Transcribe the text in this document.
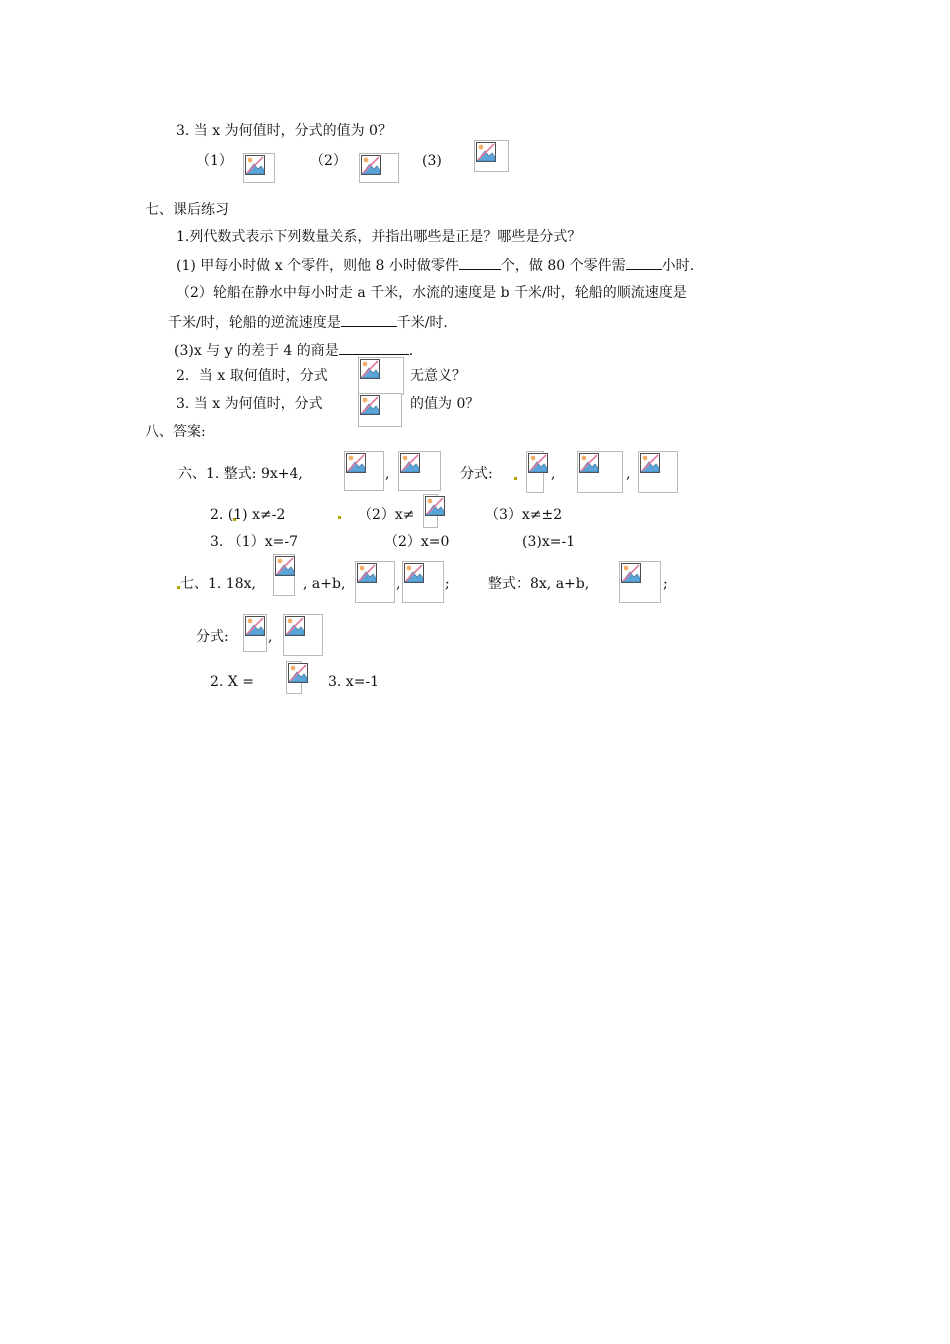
3. 当 x 为何值时，分式的值为 0？
（1）	（2）	(3)
七、课后练习
1.列代数式表示下列数量关系，并指出哪些是正是？哪些是分式？
(1) 甲每小时做 x 个零件，则他 8 小时做零件	个，做 80 个零件需	小时.
（2）轮船在静水中每小时走 a 千米，水流的速度是 b 千米/时，轮船的顺流速度是
千米/时，轮船的逆流速度是	千米/时.
(3)x 与 y 的差于 4 的商是	.
2．当 x 取何值时，分式	无意义？
3. 当 x 为何值时，分式	的值为 0？
八、答案:
六、1. 整式: 9x+4,	,	分式:	,	,
2. (1) x≠-2	（2）x≠	（3）x≠±2
3. （1）x=-7	（2）x=0	(3)x=-1
七、1. 18x,	, a+b,	,	;	整式：8x, a+b,	;
分式:	,
2. X =	3. x=-1
